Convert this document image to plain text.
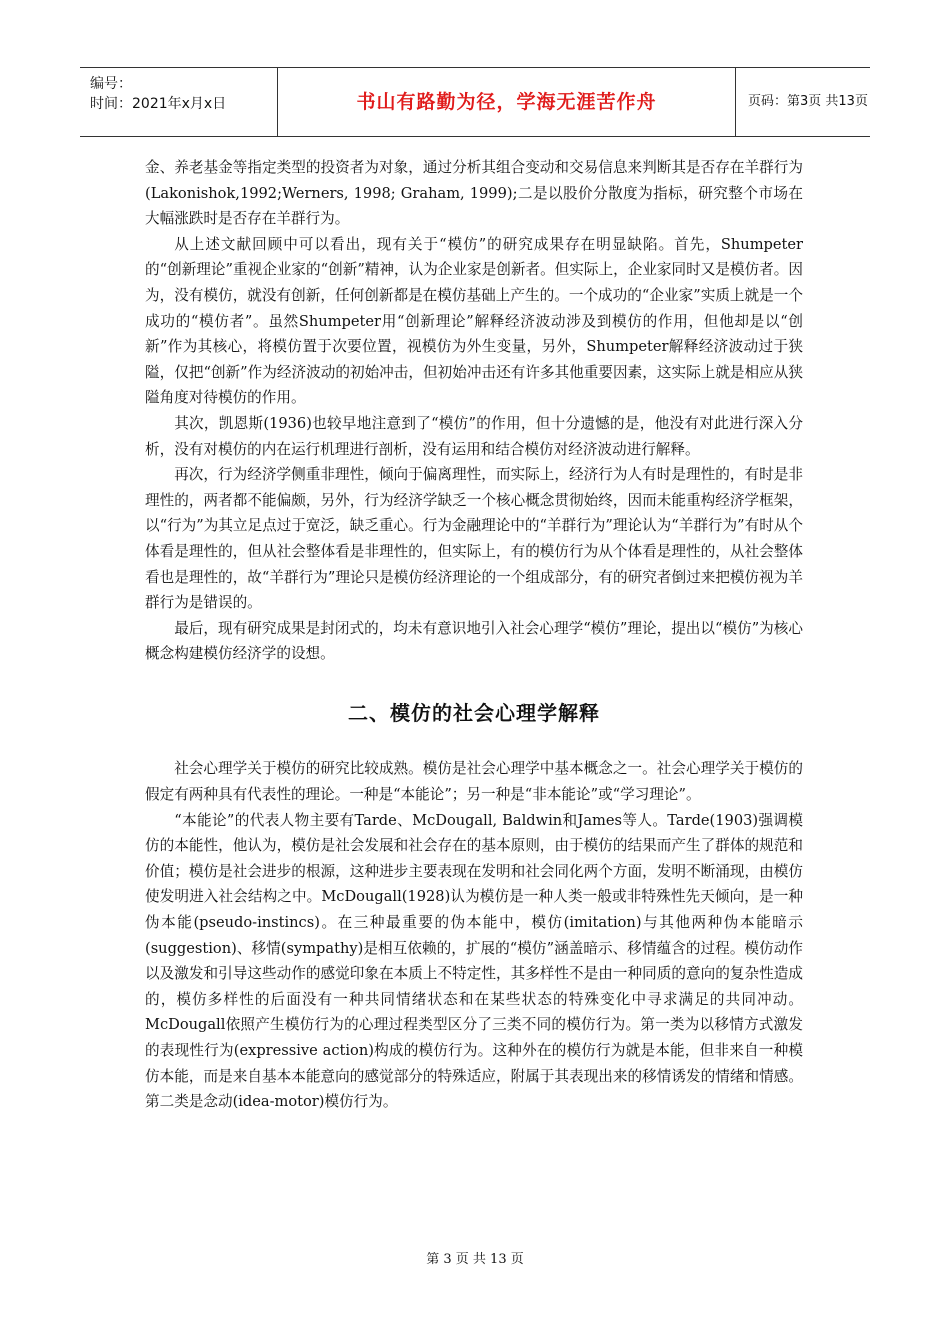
编号：
时间：2021年x月x日	书山有路勤为径，学海无涯苦作舟	页码：第3页 共13页

金、养老基金等指定类型的投资者为对象，通过分析其组合变动和交易信息来判断其是否存在羊群行为(Lakonishok,1992;Werners, 1998; Graham, 1999);二是以股价分散度为指标，研究整个市场在大幅涨跌时是否存在羊群行为。

从上述文献回顾中可以看出，现有关于“模仿”的研究成果存在明显缺陷。首先，Shumpeter的“创新理论”重视企业家的“创新”精神，认为企业家是创新者。但实际上，企业家同时又是模仿者。因为，没有模仿，就没有创新，任何创新都是在模仿基础上产生的。一个成功的“企业家”实质上就是一个成功的“模仿者”。虽然Shumpeter用“创新理论”解释经济波动涉及到模仿的作用，但他却是以“创新”作为其核心，将模仿置于次要位置，视模仿为外生变量，另外，Shumpeter解释经济波动过于狭隘，仅把“创新”作为经济波动的初始冲击，但初始冲击还有许多其他重要因素，这实际上就是相应从狭隘角度对待模仿的作用。

其次，凯恩斯(1936)也较早地注意到了“模仿”的作用，但十分遗憾的是，他没有对此进行深入分析，没有对模仿的内在运行机理进行剖析，没有运用和结合模仿对经济波动进行解释。

再次，行为经济学侧重非理性，倾向于偏离理性，而实际上，经济行为人有时是理性的，有时是非理性的，两者都不能偏颇，另外，行为经济学缺乏一个核心概念贯彻始终，因而未能重构经济学框架，以“行为”为其立足点过于宽泛，缺乏重心。行为金融理论中的“羊群行为”理论认为“羊群行为”有时从个体看是理性的，但从社会整体看是非理性的，但实际上，有的模仿行为从个体看是理性的，从社会整体看也是理性的，故“羊群行为”理论只是模仿经济理论的一个组成部分，有的研究者倒过来把模仿视为羊群行为是错误的。

最后，现有研究成果是封闭式的，均未有意识地引入社会心理学“模仿”理论，提出以“模仿”为核心概念构建模仿经济学的设想。

二、模仿的社会心理学解释

社会心理学关于模仿的研究比较成熟。模仿是社会心理学中基本概念之一。社会心理学关于模仿的假定有两种具有代表性的理论。一种是“本能论”；另一种是“非本能论”或“学习理论”。

“本能论”的代表人物主要有Tarde、McDougall, Baldwin和James等人。Tarde(1903)强调模仿的本能性，他认为，模仿是社会发展和社会存在的基本原则，由于模仿的结果而产生了群体的规范和价值；模仿是社会进步的根源，这种进步主要表现在发明和社会同化两个方面，发明不断涌现，由模仿使发明进入社会结构之中。McDougall(1928)认为模仿是一种人类一般或非特殊性先天倾向，是一种伪本能(pseudo-instincs)。在三种最重要的伪本能中，模仿(imitation)与其他两种伪本能暗示(suggestion)、移情(sympathy)是相互依赖的，扩展的“模仿”涵盖暗示、移情蕴含的过程。模仿动作以及激发和引导这些动作的感觉印象在本质上不特定性，其多样性不是由一种同质的意向的复杂性造成的，模仿多样性的后面没有一种共同情绪状态和在某些状态的特殊变化中寻求满足的共同冲动。McDougall依照产生模仿行为的心理过程类型区分了三类不同的模仿行为。第一类为以移情方式激发的表现性行为(expressive action)构成的模仿行为。这种外在的模仿行为就是本能，但非来自一种模仿本能，而是来自基本本能意向的感觉部分的特殊适应，附属于其表现出来的移情诱发的情绪和情感。第二类是念动(idea-motor)模仿行为。

第 3 页 共 13 页
